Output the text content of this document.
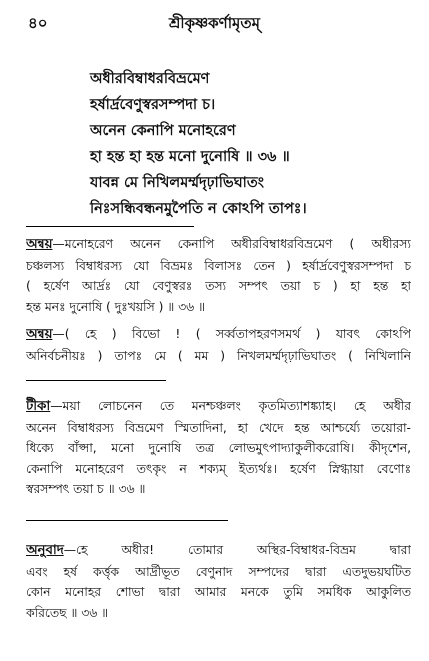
৪০	শ্রীকৃষ্ণকর্ণামৃতম্
অধীরবিম্বাধরবিভ্রমেণ
হর্ষার্দ্রবেণুস্বরসম্পদা চ।
অনেন কেনাপি মনোহরেণ
হা হন্ত হা হন্ত মনো দুনোষি ॥ ৩৬ ॥
যাবন্ন মে নিখিলমর্ম্মদৃঢ়াভিঘাতং
নিঃসন্ধিবন্ধনমুপৈতি ন কোঽপি তাপঃ।
অন্বয়—মনোহরেণ অনেন কেনাপি অধীরবিম্বাধরবিভ্রমেণ ( অধীরস্য
চঞ্চলস্য বিম্বাধরস্য যো বিভ্রমঃ বিলাসঃ তেন ) হর্ষার্দ্রবেণুস্বরসম্পদা চ
( হর্ষেণ আর্দ্রঃ যো বেণুস্বরঃ তস্য সম্পৎ তয়া চ ) হা হন্ত হা
হন্ত মনঃ দুনোষি ( দুঃখয়সি ) ॥ ৩৬ ॥
অন্বয়—( হে ) বিভো ! ( সর্ব্বতাপহরণসমর্থ ) যাবৎ কোঽপি
অনির্বচনীয়ঃ ) তাপঃ মে ( মম ) নিখলমর্ম্মদৃঢ়াভিঘাতং ( নিখিলানি
টীকা—ময়া লোচনেন তে মনশ্চঞ্চলং কৃতমিত্যাশঙ্ক্যাহ। হে অধীর
অনেন বিম্বাধরস্য বিভ্রমেণ স্মিতাদিনা, হা খেদে হন্ত আশ্চর্য্যে তয়োরা-
ধিক্যে বাঁপ্সা, মনো দুনোষি তত্র লোভমুৎপাদ্যাকুলীকরোষি। কীদৃশেন,
কেনাপি মনোহরেণ তৎকৃং ন শক্যম্ ইত্যর্থঃ। হর্ষেণ স্নিগ্ধায়া বেণোঃ
স্বরসম্পৎ তয়া চ ॥ ৩৬ ॥
অনুবাদ—হে অধীর! তোমার অস্থির-বিম্বাধর-বিভ্রম দ্বারা
এবং হর্ষ কর্ত্তৃক আর্দ্রীভূত বেণুনাদ সম্পদের দ্বারা এতদুভয়ঘটিত
কোন মনোহর শোভা দ্বারা আমার মনকে তুমি সমধিক আকুলিত
করিতেছ ॥ ৩৬ ॥
